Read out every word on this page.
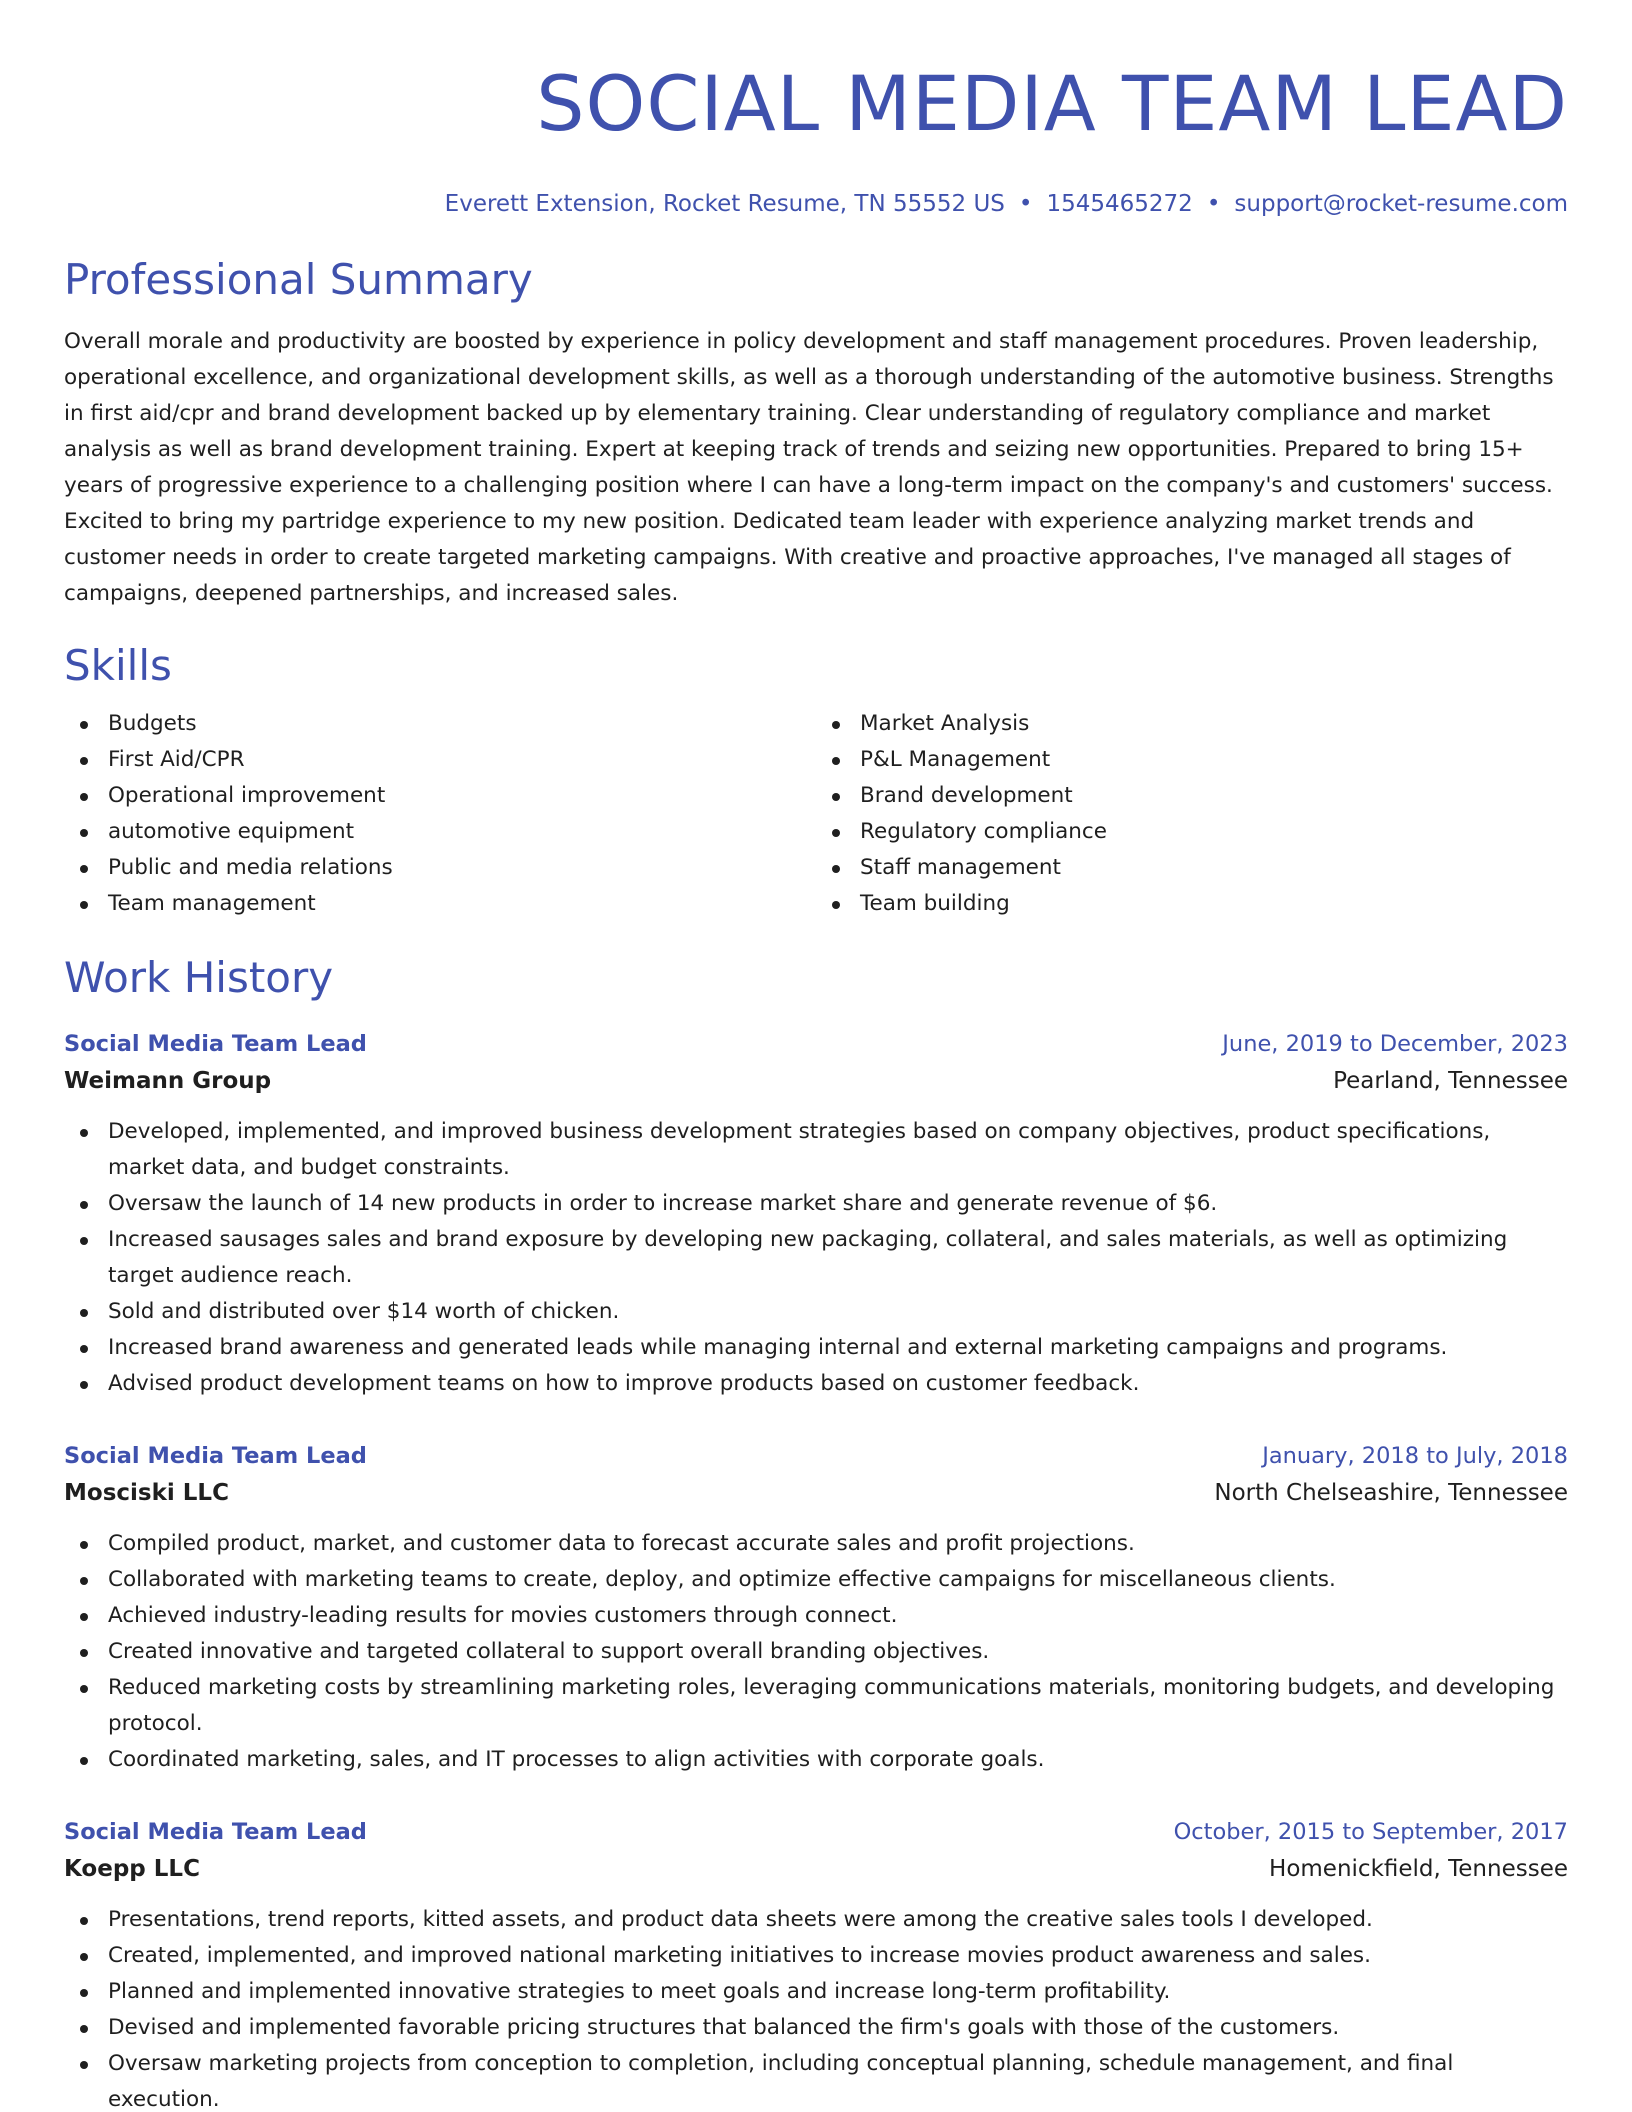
SOCIAL MEDIA TEAM LEAD
Everett Extension, Rocket Resume, TN 55552 US • 1545465272 • support@rocket-resume.com
Professional Summary

Overall morale and productivity are boosted by experience in policy development and staff management procedures. Proven leadership, operational excellence, and organizational development skills, as well as a thorough understanding of the automotive business. Strengths in first aid/cpr and brand development backed up by elementary training. Clear understanding of regulatory compliance and market analysis as well as brand development training. Expert at keeping track of trends and seizing new opportunities. Prepared to bring 15+ years of progressive experience to a challenging position where I can have a long-term impact on the company's and customers' success. Excited to bring my partridge experience to my new position. Dedicated team leader with experience analyzing market trends and customer needs in order to create targeted marketing campaigns. With creative and proactive approaches, I've managed all stages of campaigns, deepened partnerships, and increased sales.

Skills
Budgets
First Aid/CPR
Operational improvement
automotive equipment
Public and media relations
Team management
Market Analysis
P&L Management
Brand development
Regulatory compliance
Staff management
Team building
Work History
Social Media Team Lead	June, 2019 to December, 2023
Weimann Group	Pearland, Tennessee
Developed, implemented, and improved business development strategies based on company objectives, product specifications, market data, and budget constraints.
Oversaw the launch of 14 new products in order to increase market share and generate revenue of $6.
Increased sausages sales and brand exposure by developing new packaging, collateral, and sales materials, as well as optimizing target audience reach.
Sold and distributed over $14 worth of chicken.
Increased brand awareness and generated leads while managing internal and external marketing campaigns and programs.
Advised product development teams on how to improve products based on customer feedback.
Social Media Team Lead	January, 2018 to July, 2018
Mosciski LLC	North Chelseashire, Tennessee
Compiled product, market, and customer data to forecast accurate sales and profit projections.
Collaborated with marketing teams to create, deploy, and optimize effective campaigns for miscellaneous clients.
Achieved industry-leading results for movies customers through connect.
Created innovative and targeted collateral to support overall branding objectives.
Reduced marketing costs by streamlining marketing roles, leveraging communications materials, monitoring budgets, and developing protocol.
Coordinated marketing, sales, and IT processes to align activities with corporate goals.
Social Media Team Lead	October, 2015 to September, 2017
Koepp LLC	Homenickfield, Tennessee
Presentations, trend reports, kitted assets, and product data sheets were among the creative sales tools I developed.
Created, implemented, and improved national marketing initiatives to increase movies product awareness and sales.
Planned and implemented innovative strategies to meet goals and increase long-term profitability.
Devised and implemented favorable pricing structures that balanced the firm's goals with those of the customers.
Oversaw marketing projects from conception to completion, including conceptual planning, schedule management, and final execution.
